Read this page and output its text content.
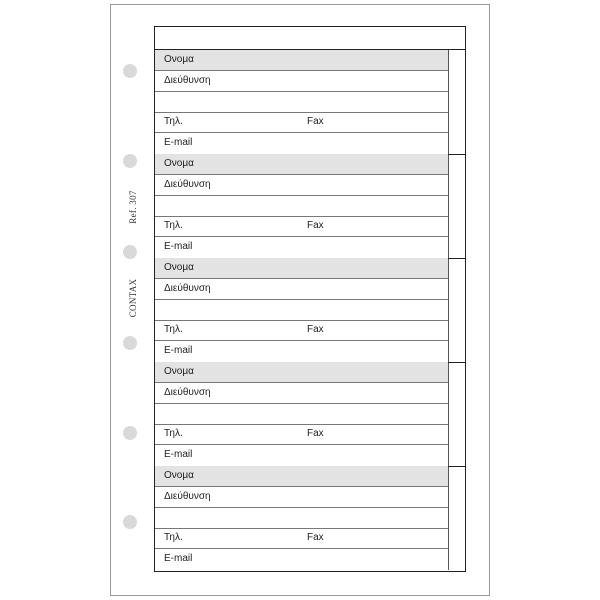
Ref. 307
CONTAX
Ονομα
Διεύθυνση
Τηλ.	Fax
E-mail
Ονομα
Διεύθυνση
Τηλ.	Fax
E-mail
Ονομα
Διεύθυνση
Τηλ.	Fax
E-mail
Ονομα
Διεύθυνση
Τηλ.	Fax
E-mail
Ονομα
Διεύθυνση
Τηλ.	Fax
E-mail
